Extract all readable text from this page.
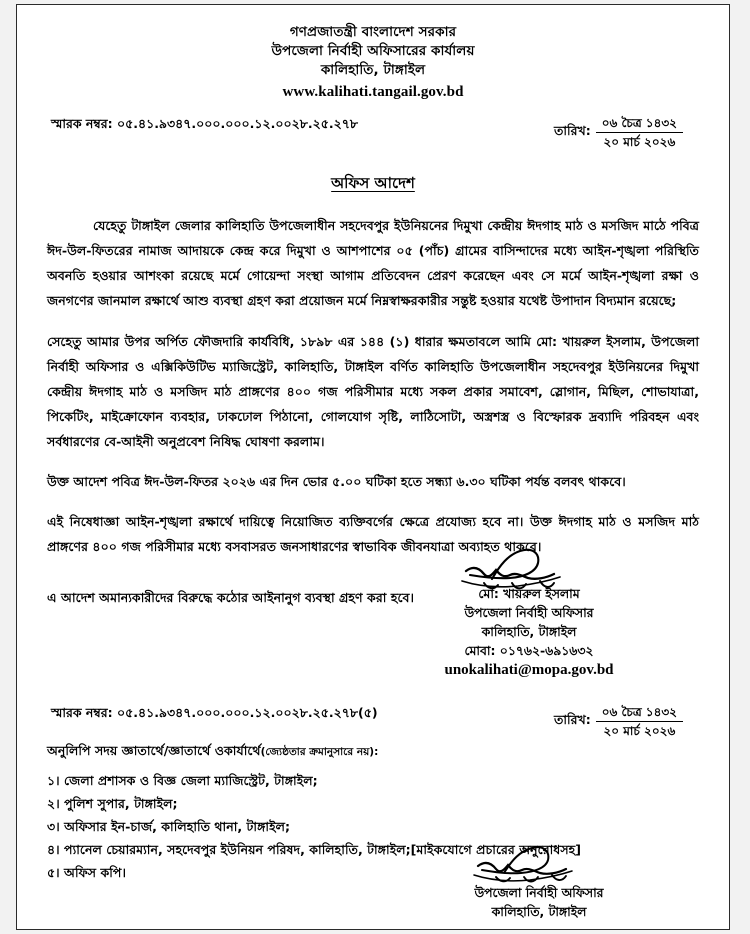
গণপ্রজাতন্ত্রী বাংলাদেশ সরকার
উপজেলা নির্বাহী অফিসারের কার্যালয়
কালিহাতি, টাঙ্গাইল
www.kalihati.tangail.gov.bd
স্মারক নম্বর: ০৫.৪১.৯৩৪৭.০০০.০০০.১২.০০২৮.২৫.২৭৮	তারিখ: ০৬ চৈত্র ১৪৩২
২০ মার্চ ২০২৬
অফিস আদেশ
যেহেতু টাঙ্গাইল জেলার কালিহাতি উপজেলাধীন সহদেবপুর ইউনিয়নের দিমুখা কেন্দ্রীয় ঈদগাহ মাঠ ও মসজিদ মাঠে পবিত্র ঈদ-উল-ফিতরের নামাজ আদায়কে কেন্দ্র করে দিমুখা ও আশপাশের ০৫ (পাঁচ) গ্রামের বাসিন্দাদের মধ্যে আইন-শৃঙ্খলা পরিস্থিতি অবনতি হওয়ার আশংকা রয়েছে মর্মে গোয়েন্দা সংস্থা আগাম প্রতিবেদন প্রেরণ করেছেন এবং সে মর্মে আইন-শৃঙ্খলা রক্ষা ও জনগণের জানমাল রক্ষার্থে আশু ব্যবস্থা গ্রহণ করা প্রয়োজন মর্মে নিম্নস্বাক্ষরকারীর সন্তুষ্ট হওয়ার যথেষ্ট উপাদান বিদ্যমান রয়েছে;
সেহেতু আমার উপর অর্পিত ফৌজদারি কার্যবিধি, ১৮৯৮ এর ১৪৪ (১) ধারার ক্ষমতাবলে আমি মো: খায়রুল ইসলাম, উপজেলা নির্বাহী অফিসার ও এক্সিকিউটিভ ম্যাজিস্ট্রেট, কালিহাতি, টাঙ্গাইল বর্ণিত কালিহাতি উপজেলাধীন সহদেবপুর ইউনিয়নের দিমুখা কেন্দ্রীয় ঈদগাহ মাঠ ও মসজিদ মাঠ প্রাঙ্গণের ৪০০ গজ পরিসীমার মধ্যে সকল প্রকার সমাবেশ, স্লোগান, মিছিল, শোভাযাত্রা, পিকেটিং, মাইক্রোফোন ব্যবহার, ঢাকঢোল পিঠানো, গোলযোগ সৃষ্টি, লাঠিসোটা, অস্ত্রশস্ত্র ও বিস্ফোরক দ্রব্যাদি পরিবহন এবং সর্বধারণের বে-আইনী অনুপ্রবেশ নিষিদ্ধ ঘোষণা করলাম।
উক্ত আদেশ পবিত্র ঈদ-উল-ফিতর ২০২৬ এর দিন ভোর ৫.০০ ঘটিকা হতে সন্ধ্যা ৬.৩০ ঘটিকা পর্যন্ত বলবৎ থাকবে।
এই নিষেধাজ্ঞা আইন-শৃঙ্খলা রক্ষার্থে দায়িত্বে নিয়োজিত ব্যক্তিবর্গের ক্ষেত্রে প্রযোজ্য হবে না। উক্ত ঈদগাহ মাঠ ও মসজিদ মাঠ প্রাঙ্গণের ৪০০ গজ পরিসীমার মধ্যে বসবাসরত জনসাধারণের স্বাভাবিক জীবনযাত্রা অব্যাহত থাকবে।
এ আদেশ অমান্যকারীদের বিরুদ্ধে কঠোর আইনানুগ ব্যবস্থা গ্রহণ করা হবে।	মো: খায়রুল ইসলাম
উপজেলা নির্বাহী অফিসার
কালিহাতি, টাঙ্গাইল
মোবা: ০১৭৬২-৬৯১৬৩২
unokalihati@mopa.gov.bd
স্মারক নম্বর: ০৫.৪১.৯৩৪৭.০০০.০০০.১২.০০২৮.২৫.২৭৮(৫)	তারিখ: ০৬ চৈত্র ১৪৩২
২০ মার্চ ২০২৬
অনুলিপি সদয় জ্ঞাতার্থে/জ্ঞাতার্থে ওকার্যার্থে(জ্যেষ্ঠতার ক্রমানুসারে নয়):
১। জেলা প্রশাসক ও বিজ্ঞ জেলা ম্যাজিস্ট্রেট, টাঙ্গাইল;
২। পুলিশ সুপার, টাঙ্গাইল;
৩। অফিসার ইন-চার্জ, কালিহাতি থানা, টাঙ্গাইল;
৪। প্যানেল চেয়ারম্যান, সহদেবপুর ইউনিয়ন পরিষদ, কালিহাতি, টাঙ্গাইল;[মাইকযোগে প্রচারের অনুরোধসহ]
৫। অফিস কপি।
উপজেলা নির্বাহী অফিসার
কালিহাতি, টাঙ্গাইল
